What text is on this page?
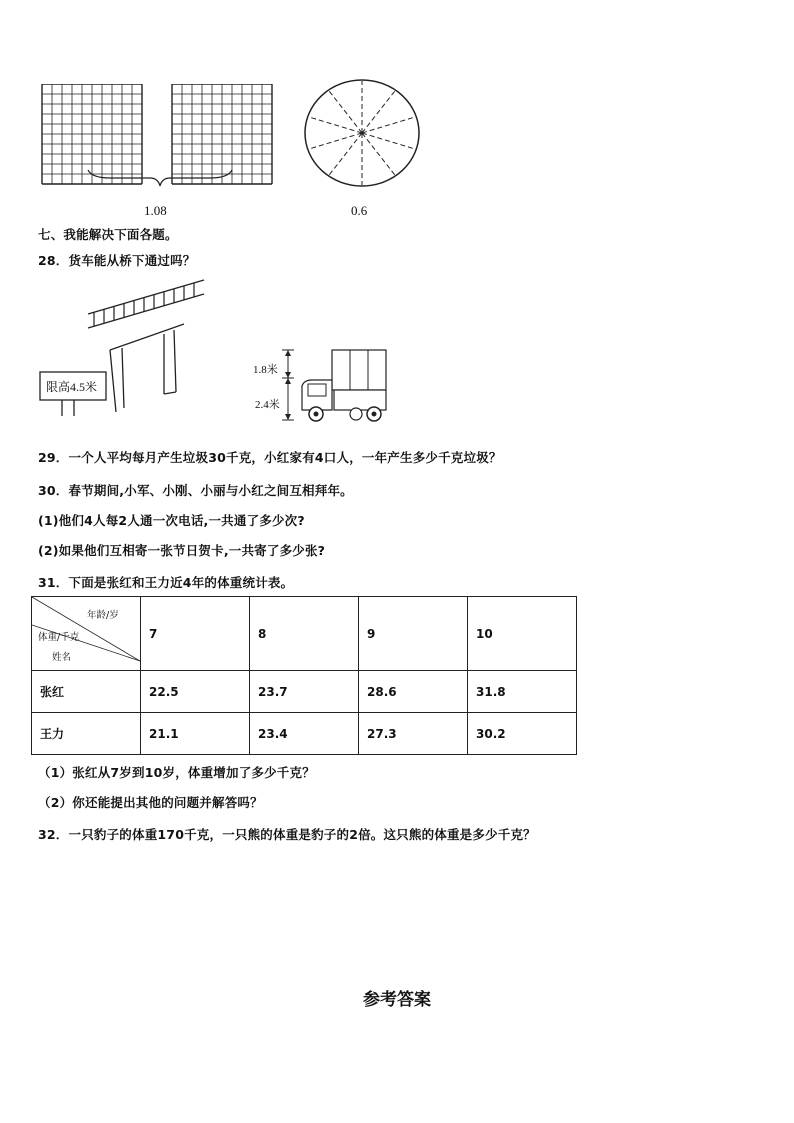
1.08	0.6
七、我能解决下面各题。
28．货车能从桥下通过吗？
限高4.5米
1.8米
2.4米
29．一个人平均每月产生垃圾30千克，小红家有4口人，一年产生多少千克垃圾？
30．春节期间,小军、小刚、小丽与小红之间互相拜年。
(1)他们4人每2人通一次电话,一共通了多少次?
(2)如果他们互相寄一张节日贺卡,一共寄了多少张?
31．下面是张红和王力近4年的体重统计表。
年龄/岁
体重/千克
姓名	7	8	9	10
张红	22.5	23.7	28.6	31.8
王力	21.1	23.4	27.3	30.2
（1）张红从7岁到10岁，体重增加了多少千克？
（2）你还能提出其他的问题并解答吗？
32．一只豹子的体重170千克，一只熊的体重是豹子的2倍。这只熊的体重是多少千克？
参考答案
